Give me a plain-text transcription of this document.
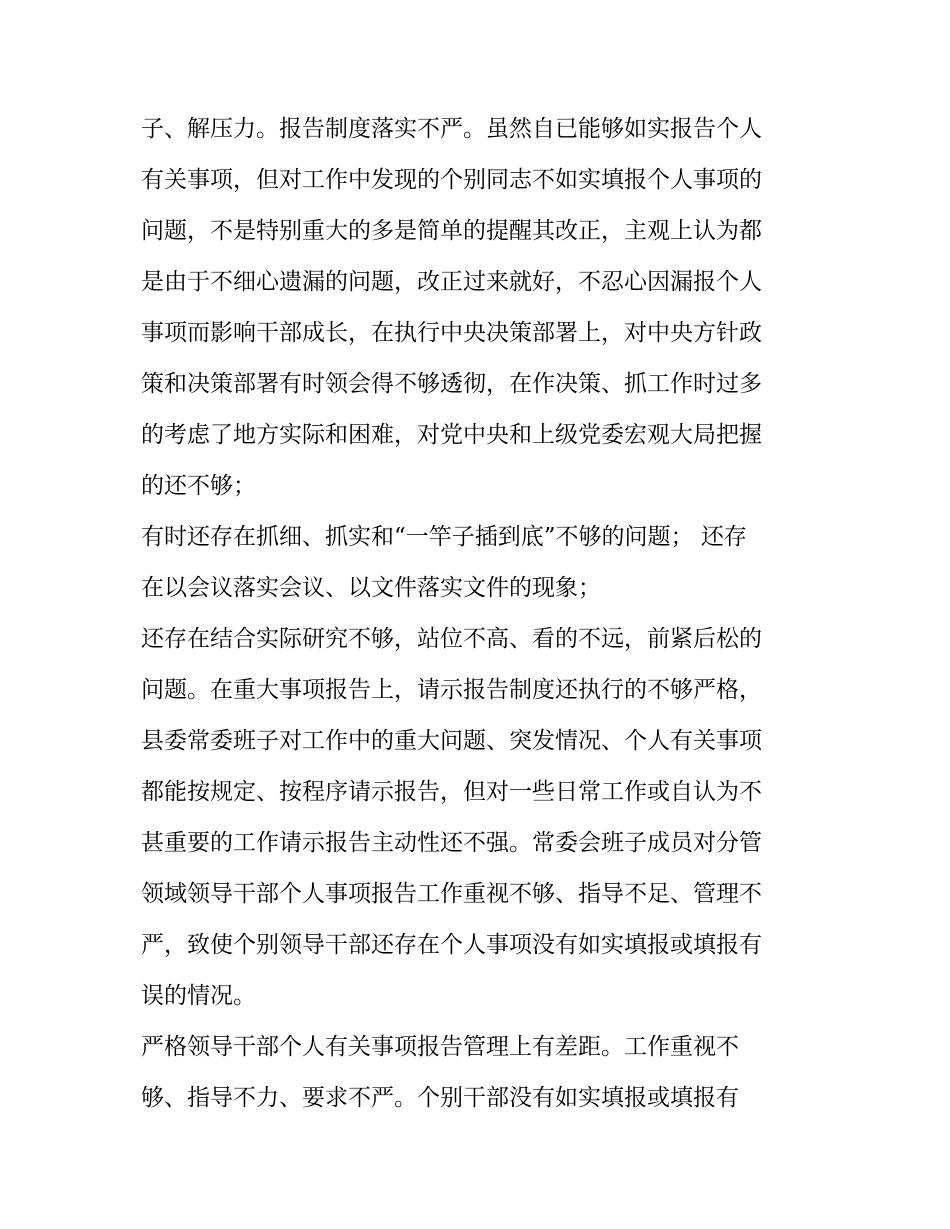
子、解压力。报告制度落实不严。虽然自已能够如实报告个人
有关事项，但对工作中发现的个别同志不如实填报个人事项的
问题，不是特别重大的多是简单的提醒其改正，主观上认为都
是由于不细心遗漏的问题，改正过来就好，不忍心因漏报个人
事项而影响干部成长，在执行中央决策部署上，对中央方针政
策和决策部署有时领会得不够透彻，在作决策、抓工作时过多
的考虑了地方实际和困难，对党中央和上级党委宏观大局把握
的还不够；
有时还存在抓细、抓实和“一竿子插到底”不够的问题； 还存
在以会议落实会议、以文件落实文件的现象；
还存在结合实际研究不够，站位不高、看的不远，前紧后松的
问题。在重大事项报告上，请示报告制度还执行的不够严格，
县委常委班子对工作中的重大问题、突发情况、个人有关事项
都能按规定、按程序请示报告，但对一些日常工作或自认为不
甚重要的工作请示报告主动性还不强。常委会班子成员对分管
领域领导干部个人事项报告工作重视不够、指导不足、管理不
严，致使个别领导干部还存在个人事项没有如实填报或填报有
误的情况。
严格领导干部个人有关事项报告管理上有差距。工作重视不
够、指导不力、要求不严。个别干部没有如实填报或填报有
